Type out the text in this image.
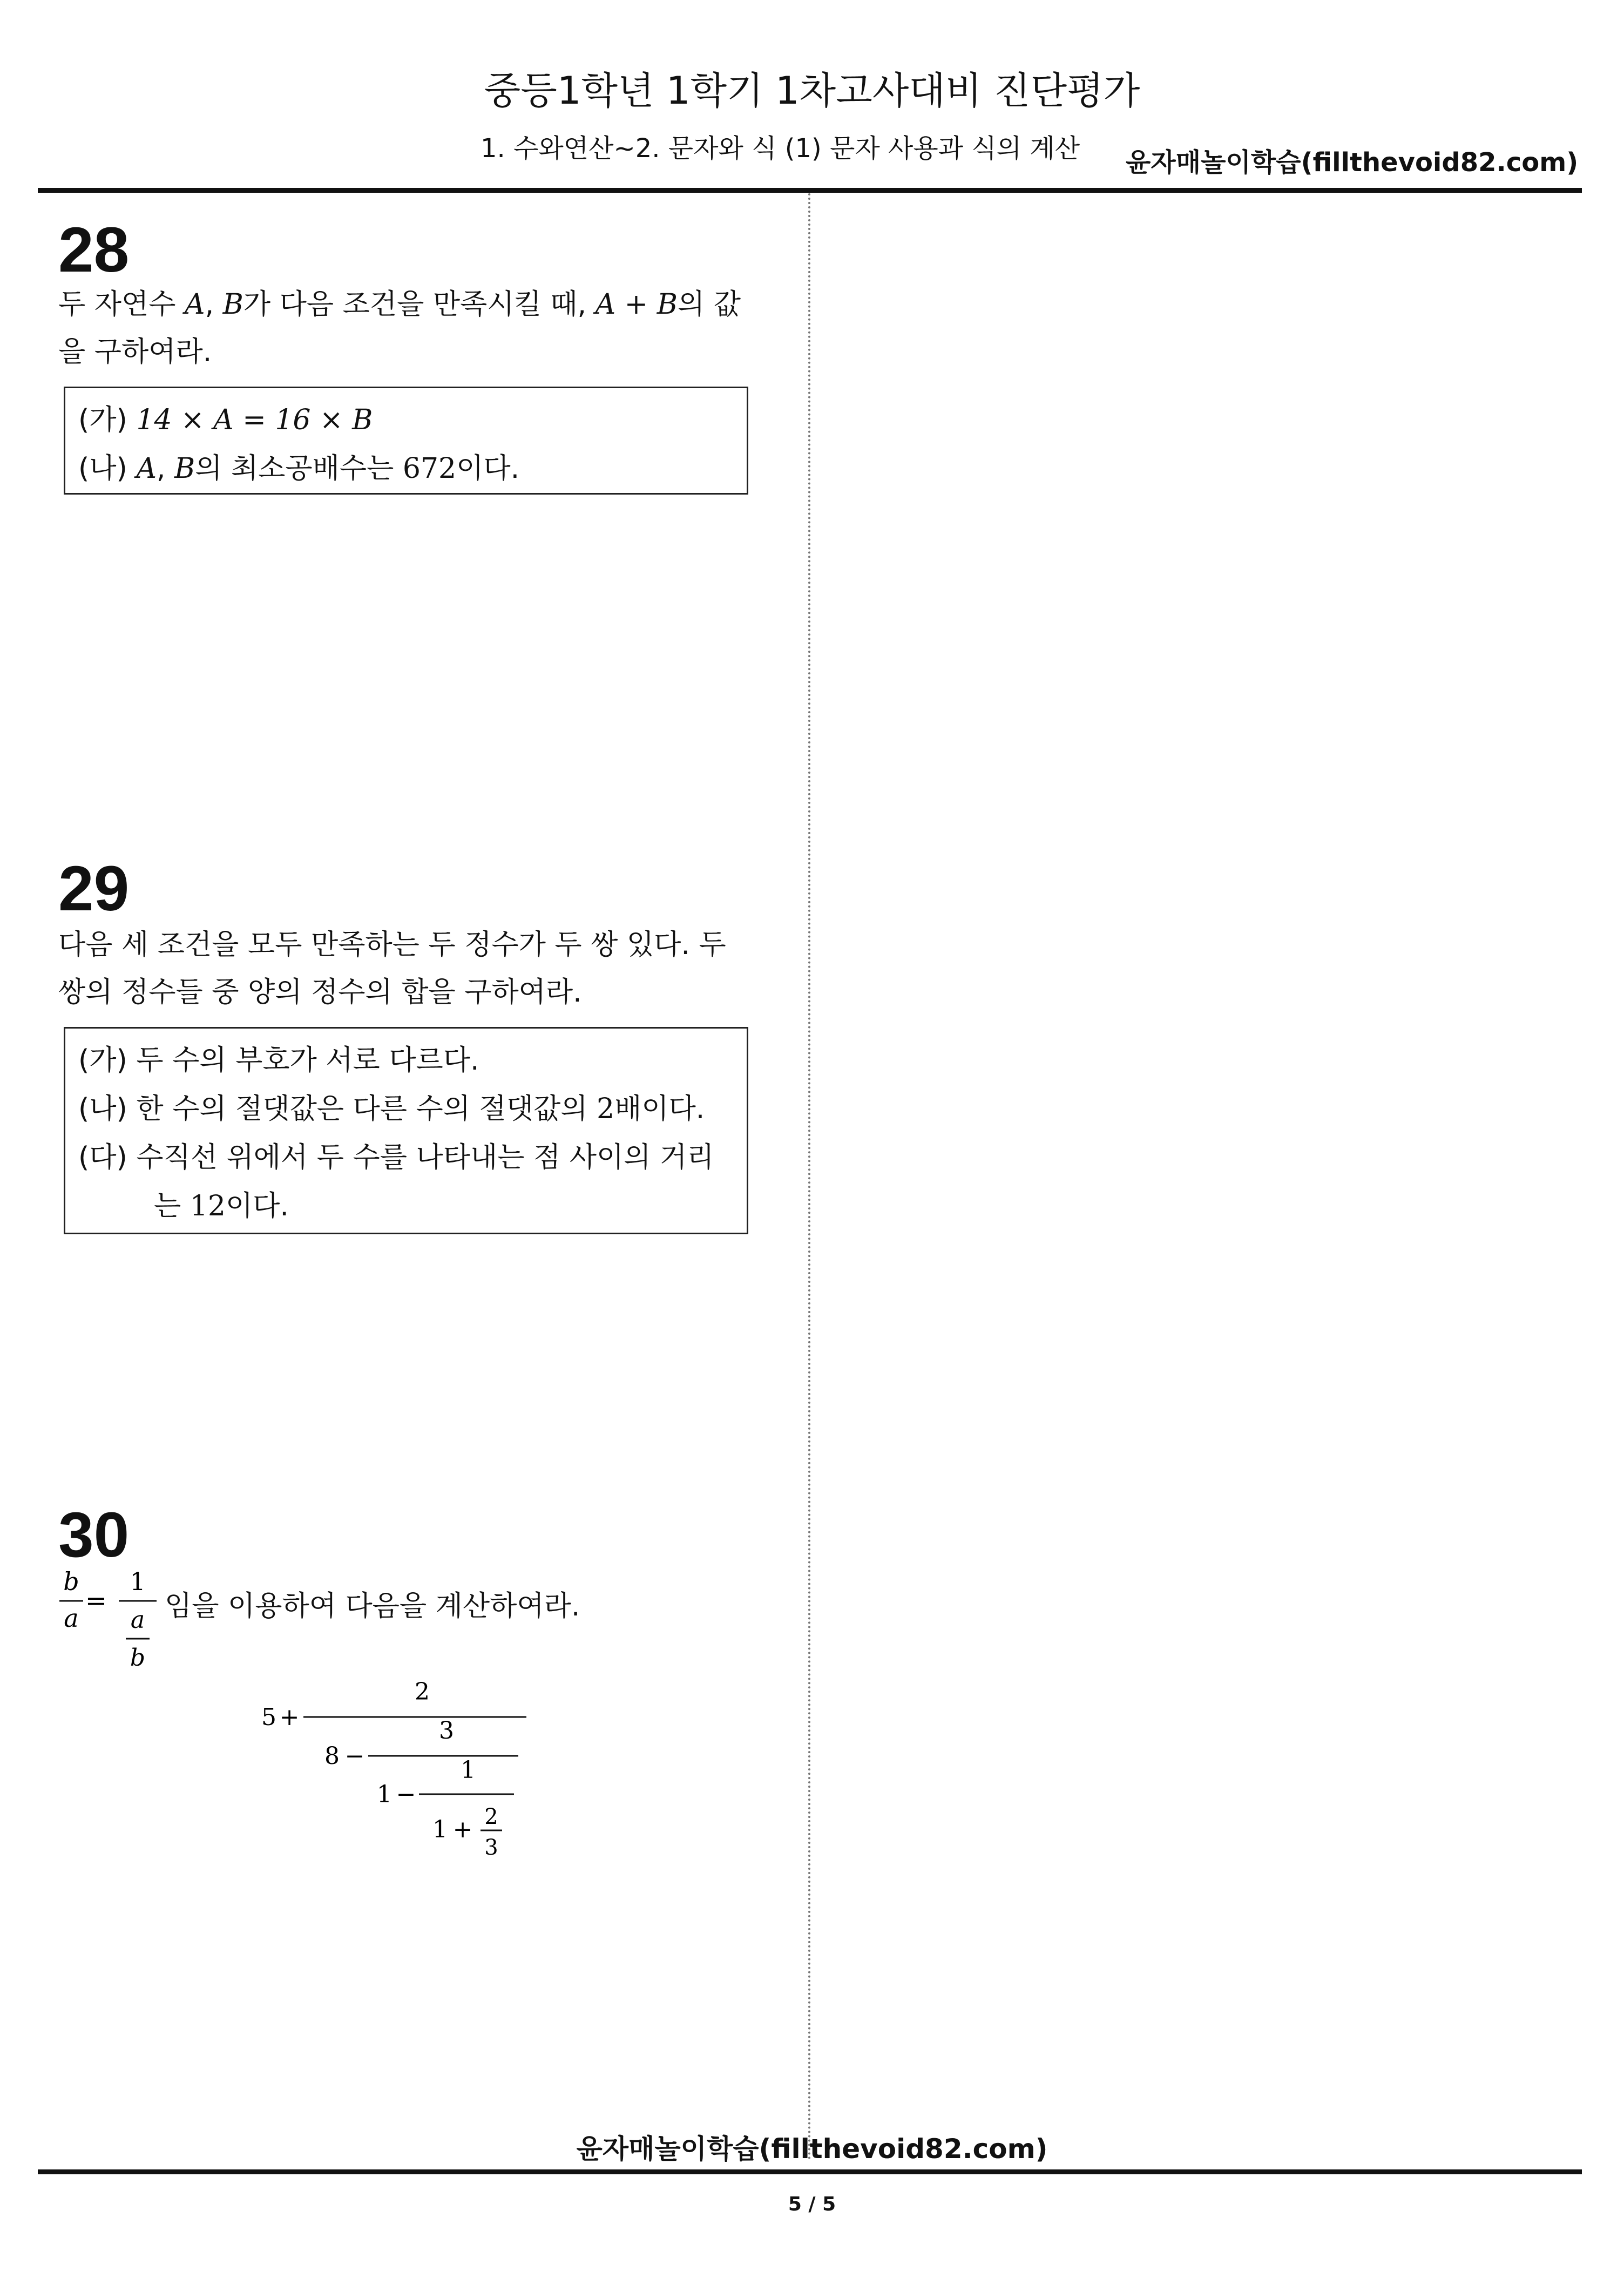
중등1학년 1학기 1차고사대비 진단평가
1. 수와연산~2. 문자와 식 (1) 문자 사용과 식의 계산 윤자매놀이학습(fillthevoid82.com)
28
두 자연수 A, B가 다음 조건을 만족시킬 때, A + B의 값을 구하여라.
(가) 14 × A = 16 × B
(나) A, B의 최소공배수는 672이다.
29
다음 세 조건을 모두 만족하는 두 정수가 두 쌍 있다. 두 쌍의 정수들 중 양의 정수의 합을 구하여라.
(가) 두 수의 부호가 서로 다르다.
(나) 한 수의 절댓값은 다른 수의 절댓값의 2배이다.
(다) 수직선 위에서 두 수를 나타내는 점 사이의 거리
는 12이다.
30
b
a
=
1
a
b
임을 이용하여 다음을 계산하여라.
5 +
2
8 −
3
1 −
1
1 + 2
3
윤자매놀이학습(fillthevoid82.com)
5 / 5
